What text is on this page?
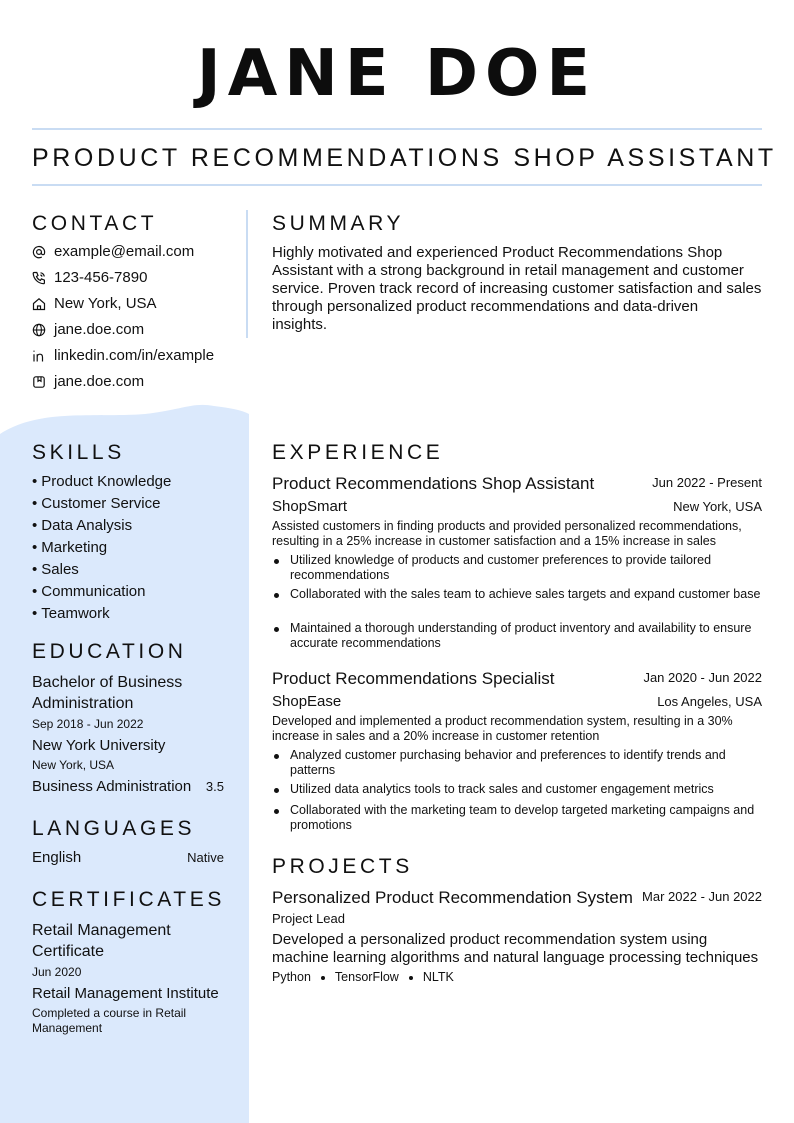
JANE DOE
PRODUCT RECOMMENDATIONS SHOP ASSISTANT
CONTACT
example@email.com
123-456-7890
New York, USA
jane.doe.com
linkedin.com/in/example
jane.doe.com
SUMMARY
Highly motivated and experienced Product Recommendations Shop
Assistant with a strong background in retail management and customer
service. Proven track record of increasing customer satisfaction and sales
through personalized product recommendations and data-driven
insights.
SKILLS
• Product Knowledge
• Customer Service
• Data Analysis
• Marketing
• Sales
• Communication
• Teamwork
EDUCATION
Bachelor of Business
Administration
Sep 2018 - Jun 2022
New York University
New York, USA
Business Administration	3.5
LANGUAGES
English	Native
CERTIFICATES
Retail Management
Certificate
Jun 2020
Retail Management Institute
Completed a course in Retail
Management
EXPERIENCE
Product Recommendations Shop Assistant	Jun 2022 - Present
ShopSmart	New York, USA
Assisted customers in finding products and provided personalized recommendations,
resulting in a 25% increase in customer satisfaction and a 15% increase in sales
Utilized knowledge of products and customer preferences to provide tailored recommendations
Collaborated with the sales team to achieve sales targets and expand customer base
Maintained a thorough understanding of product inventory and availability to ensure accurate recommendations
Product Recommendations Specialist	Jan 2020 - Jun 2022
ShopEase	Los Angeles, USA
Developed and implemented a product recommendation system, resulting in a 30%
increase in sales and a 20% increase in customer retention
Analyzed customer purchasing behavior and preferences to identify trends and patterns
Utilized data analytics tools to track sales and customer engagement metrics
Collaborated with the marketing team to develop targeted marketing campaigns and promotions
PROJECTS
Personalized Product Recommendation System Mar 2022 - Jun 2022
Project Lead
Developed a personalized product recommendation system using
machine learning algorithms and natural language processing techniques
Python TensorFlow NLTK
